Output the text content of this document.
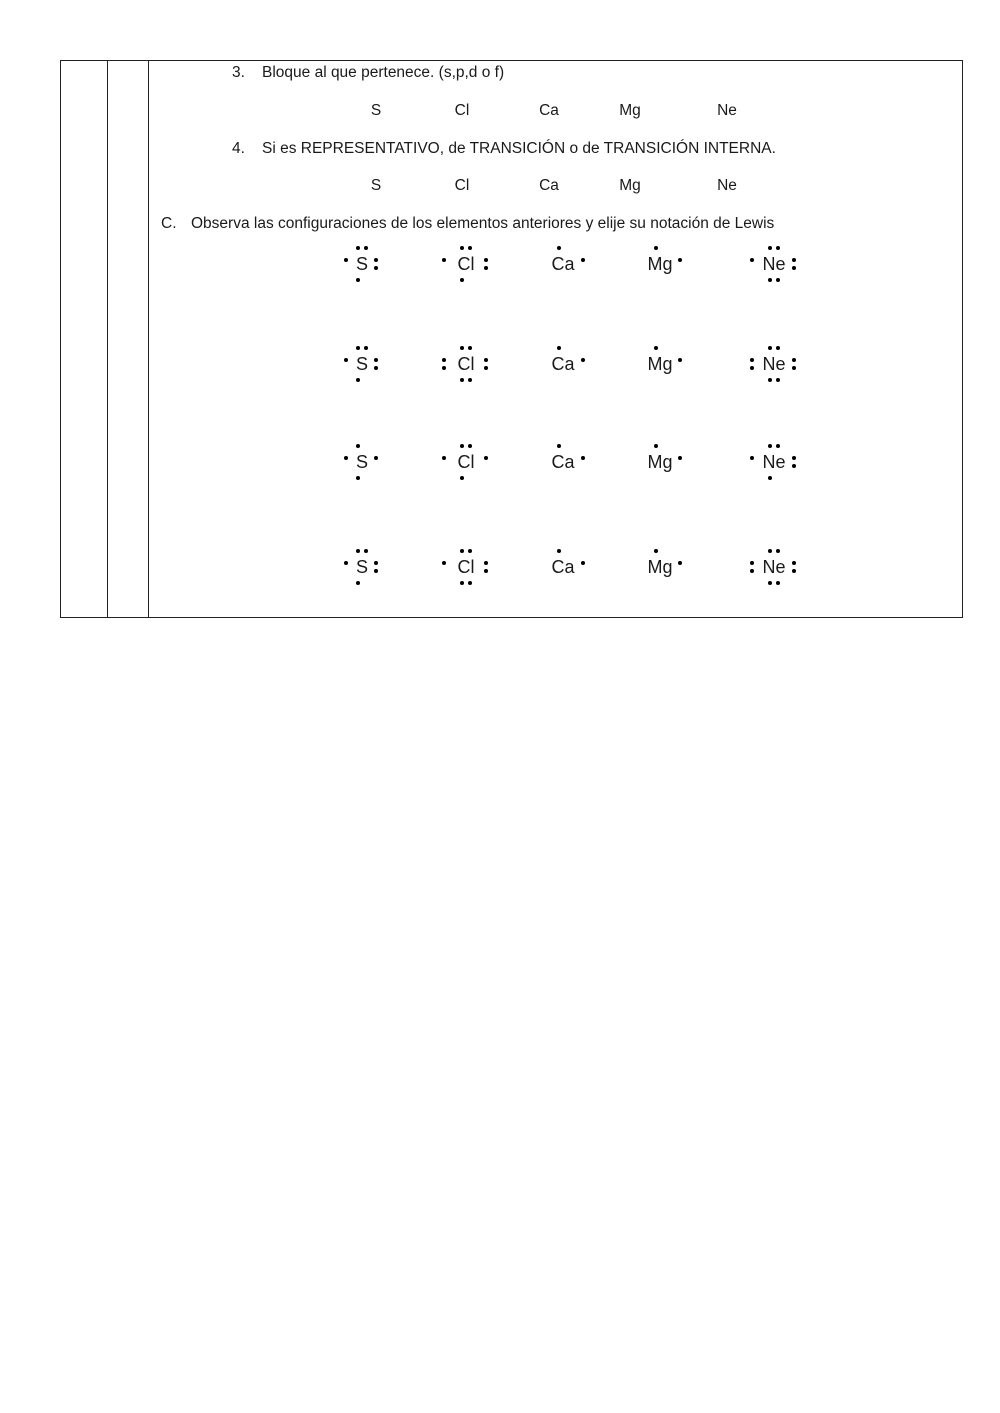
3. Bloque al que pertenece. (s,p,d o f)
S	Cl	Ca	Mg	Ne
4. Si es REPRESENTATIVO, de TRANSICIÓN o de TRANSICIÓN INTERNA.
S	Cl	Ca	Mg	Ne
C. Observa las configuraciones de los elementos anteriores y elije su notación de Lewis
S	Cl	Ca	Mg	Ne
S	Cl	Ca	Mg	Ne
S	Cl	Ca	Mg	Ne
S	Cl	Ca	Mg	Ne
